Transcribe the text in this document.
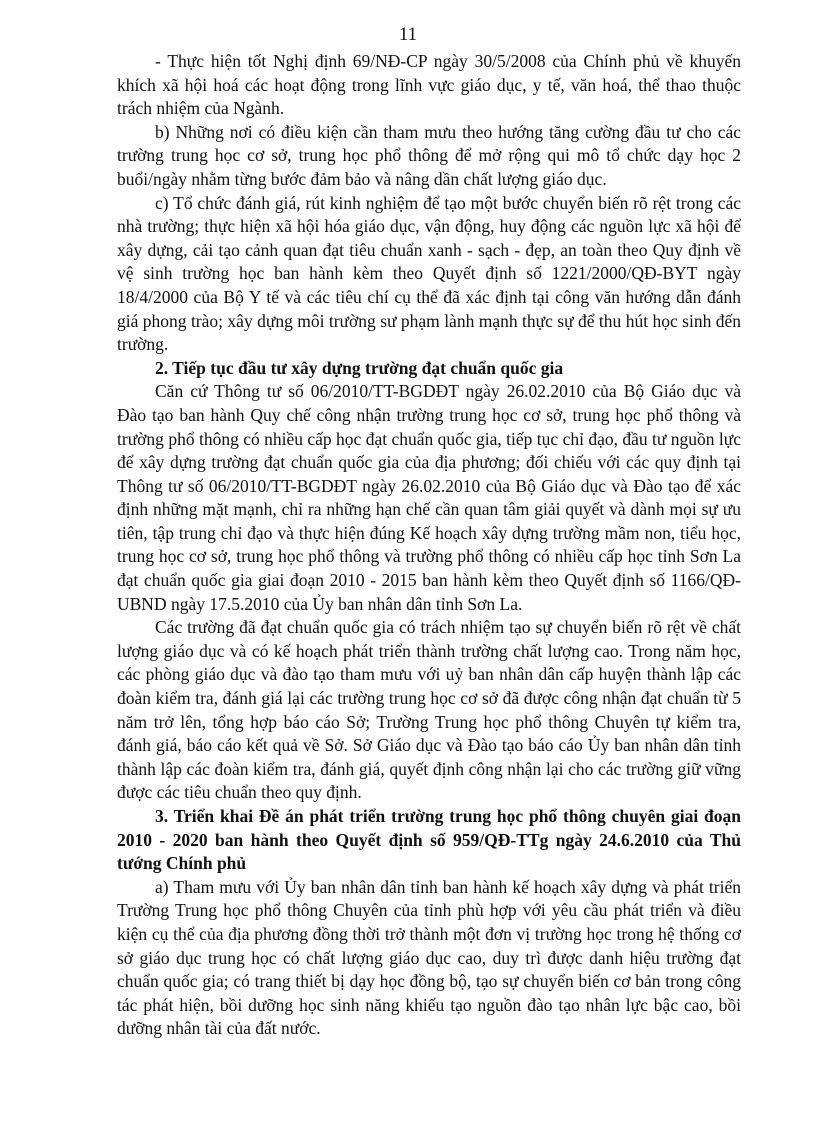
11

- Thực hiện tốt Nghị định 69/NĐ-CP ngày 30/5/2008 của Chính phủ về khuyến khích xã hội hoá các hoạt động trong lĩnh vực giáo dục, y tế, văn hoá, thể thao thuộc trách nhiệm của Ngành.

b) Những nơi có điều kiện cần tham mưu theo hướng tăng cường đầu tư cho các trường trung học cơ sở, trung học phổ thông để mở rộng qui mô tổ chức dạy học 2 buổi/ngày nhằm từng bước đảm bảo và nâng dần chất lượng giáo dục.

c) Tổ chức đánh giá, rút kinh nghiệm để tạo một bước chuyển biến rõ rệt trong các nhà trường; thực hiện xã hội hóa giáo dục, vận động, huy động các nguồn lực xã hội để xây dựng, cải tạo cảnh quan đạt tiêu chuẩn xanh - sạch - đẹp, an toàn theo Quy định về vệ sinh trường học ban hành kèm theo Quyết định số 1221/2000/QĐ-BYT ngày 18/4/2000 của Bộ Y tế và các tiêu chí cụ thể đã xác định tại công văn hướng dẫn đánh giá phong trào; xây dựng môi trường sư phạm lành mạnh thực sự để thu hút học sinh đến trường.

2. Tiếp tục đầu tư xây dựng trường đạt chuẩn quốc gia

Căn cứ Thông tư số 06/2010/TT-BGDĐT ngày 26.02.2010 của Bộ Giáo dục và Đào tạo ban hành Quy chế công nhận trường trung học cơ sở, trung học phổ thông và trường phổ thông có nhiều cấp học đạt chuẩn quốc gia, tiếp tục chỉ đạo, đầu tư nguồn lực để xây dựng trường đạt chuẩn quốc gia của địa phương; đối chiếu với các quy định tại Thông tư số 06/2010/TT-BGDĐT ngày 26.02.2010 của Bộ Giáo dục và Đào tạo để xác định những mặt mạnh, chỉ ra những hạn chế cần quan tâm giải quyết và dành mọi sự ưu tiên, tập trung chỉ đạo và thực hiện đúng Kế hoạch xây dựng trường mầm non, tiểu học, trung học cơ sở, trung học phổ thông và trường phổ thông có nhiều cấp học tỉnh Sơn La đạt chuẩn quốc gia giai đoạn 2010 - 2015 ban hành kèm theo Quyết định số 1166/QĐ-UBND ngày 17.5.2010 của Ủy ban nhân dân tỉnh Sơn La.

Các trường đã đạt chuẩn quốc gia có trách nhiệm tạo sự chuyển biến rõ rệt về chất lượng giáo dục và có kế hoạch phát triển thành trường chất lượng cao. Trong năm học, các phòng giáo dục và đào tạo tham mưu với uỷ ban nhân dân cấp huyện thành lập các đoàn kiểm tra, đánh giá lại các trường trung học cơ sở đã được công nhận đạt chuẩn từ 5 năm trở lên, tổng hợp báo cáo Sở; Trường Trung học phổ thông Chuyên tự kiểm tra, đánh giá, báo cáo kết quả về Sở. Sở Giáo dục và Đào tạo báo cáo Ủy ban nhân dân tỉnh thành lập các đoàn kiểm tra, đánh giá, quyết định công nhận lại cho các trường giữ vững được các tiêu chuẩn theo quy định.

3. Triển khai Đề án phát triển trường trung học phổ thông chuyên giai đoạn 2010 - 2020 ban hành theo Quyết định số 959/QĐ-TTg ngày 24.6.2010 của Thủ tướng Chính phủ

a) Tham mưu với Ủy ban nhân dân tỉnh ban hành kế hoạch xây dựng và phát triển Trường Trung học phổ thông Chuyên của tỉnh phù hợp với yêu cầu phát triển và điều kiện cụ thể của địa phương đồng thời trở thành một đơn vị trường học trong hệ thống cơ sở giáo dục trung học có chất lượng giáo dục cao, duy trì được danh hiệu trường đạt chuẩn quốc gia; có trang thiết bị dạy học đồng bộ, tạo sự chuyển biến cơ bản trong công tác phát hiện, bồi dưỡng học sinh năng khiếu tạo nguồn đào tạo nhân lực bậc cao, bồi dưỡng nhân tài của đất nước.
